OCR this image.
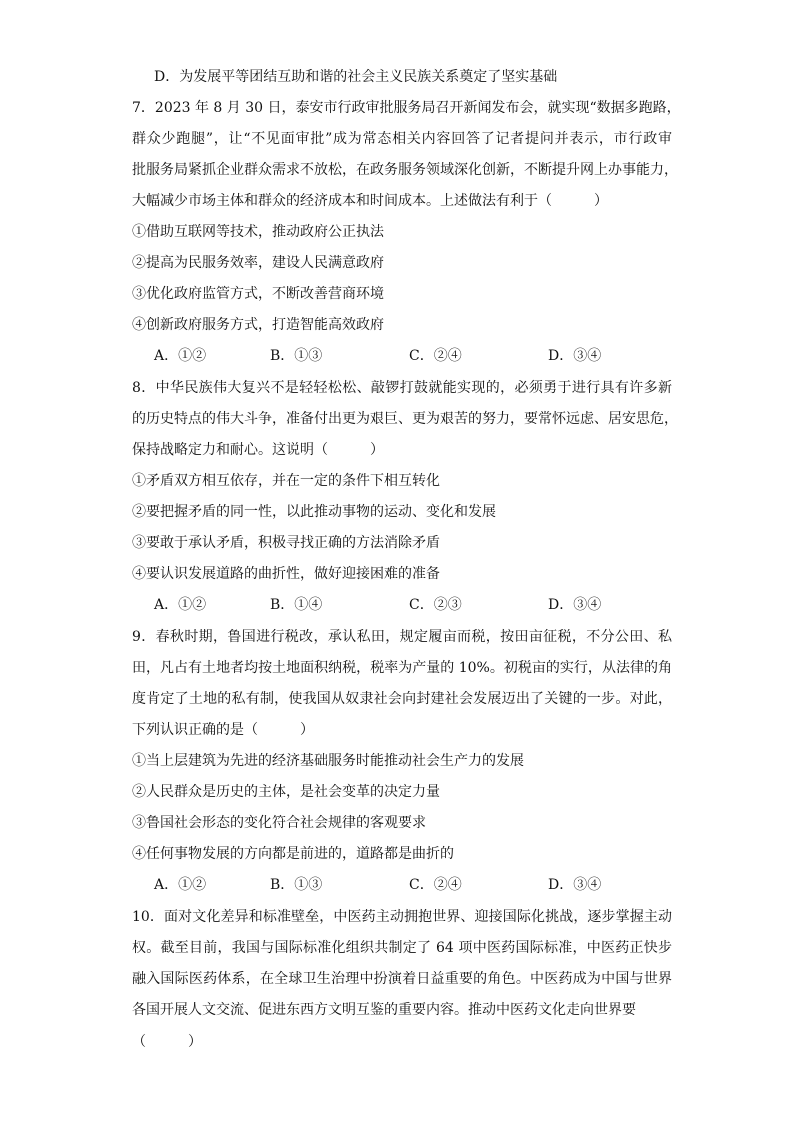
D．为发展平等团结互助和谐的社会主义民族关系奠定了坚实基础
7．2023 年 8 月 30 日，泰安市行政审批服务局召开新闻发布会，就实现“数据多跑路，
群众少跑腿”，让“不见面审批”成为常态相关内容回答了记者提问并表示，市行政审
批服务局紧抓企业群众需求不放松，在政务服务领域深化创新，不断提升网上办事能力，
大幅减少市场主体和群众的经济成本和时间成本。上述做法有利于（　　　）
①借助互联网等技术，推动政府公正执法
②提高为民服务效率，建设人民满意政府
③优化政府监管方式，不断改善营商环境
④创新政府服务方式，打造智能高效政府
A．①②	B．①③	C．②④	D．③④
8．中华民族伟大复兴不是轻轻松松、敲锣打鼓就能实现的，必须勇于进行具有许多新
的历史特点的伟大斗争，准备付出更为艰巨、更为艰苦的努力，要常怀远虑、居安思危，
保持战略定力和耐心。这说明（　　　）
①矛盾双方相互依存，并在一定的条件下相互转化
②要把握矛盾的同一性，以此推动事物的运动、变化和发展
③要敢于承认矛盾，积极寻找正确的方法消除矛盾
④要认识发展道路的曲折性，做好迎接困难的准备
A．①②	B．①④	C．②③	D．③④
9．春秋时期，鲁国进行税改，承认私田，规定履亩而税，按田亩征税，不分公田、私
田，凡占有土地者均按土地面积纳税，税率为产量的 10%。初税亩的实行，从法律的角
度肯定了土地的私有制，使我国从奴隶社会向封建社会发展迈出了关键的一步。对此，
下列认识正确的是（　　　）
①当上层建筑为先进的经济基础服务时能推动社会生产力的发展
②人民群众是历史的主体，是社会变革的决定力量
③鲁国社会形态的变化符合社会规律的客观要求
④任何事物发展的方向都是前进的，道路都是曲折的
A．①②	B．①③	C．②④	D．③④
10．面对文化差异和标准壁垒，中医药主动拥抱世界、迎接国际化挑战，逐步掌握主动
权。截至目前，我国与国际标准化组织共制定了 64 项中医药国际标准，中医药正快步
融入国际医药体系，在全球卫生治理中扮演着日益重要的角色。中医药成为中国与世界
各国开展人文交流、促进东西方文明互鉴的重要内容。推动中医药文化走向世界要
（　　　）
